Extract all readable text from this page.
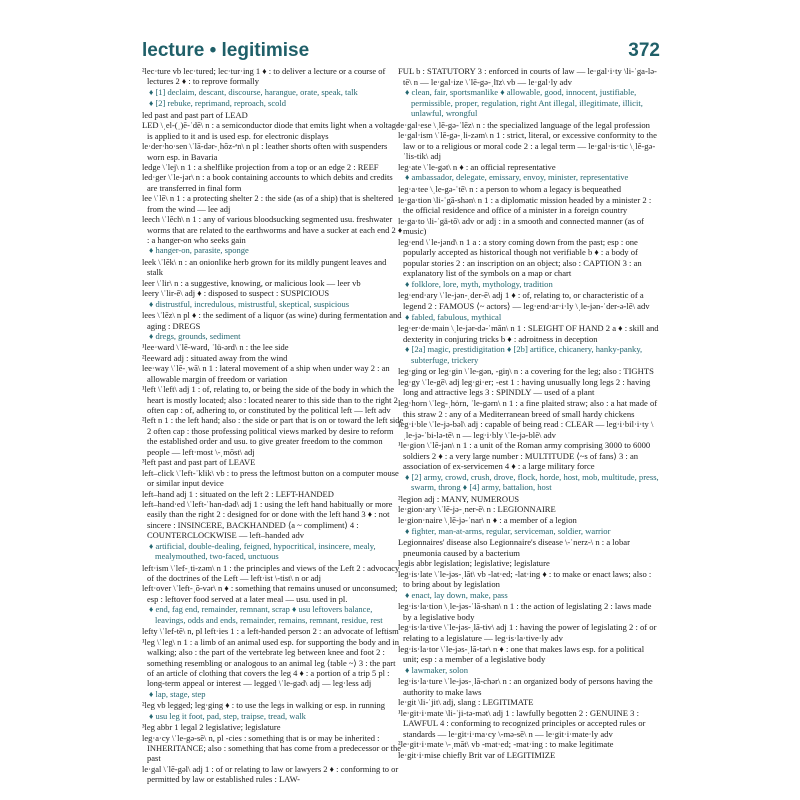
lecture • legitimise	372

²lec·ture vb lec·tured; lec·tur·ing 1 ♦ : to deliver a lecture or a course of lectures 2 ♦ : to reprove formally

♦ [1] declaim, descant, discourse, harangue, orate, speak, talk

♦ [2] rebuke, reprimand, reproach, scold

led past and past part of LEAD

LED \ˌel-(ˌ)ē-ˈdē\ n : a semiconductor diode that emits light when a voltage is applied to it and is used esp. for electronic displays

le·der·ho·sen \ˈlā-dər-ˌhōz-ᵊn\ n pl : leather shorts often with suspenders worn esp. in Bavaria

ledge \ˈlej\ n 1 : a shelflike projection from a top or an edge 2 : REEF

led·ger \ˈle-jər\ n : a book containing accounts to which debits and credits are transferred in final form

lee \ˈlē\ n 1 : a protecting shelter 2 : the side (as of a ship) that is sheltered from the wind — lee adj

leech \ˈlēch\ n 1 : any of various bloodsucking segmented usu. freshwater worms that are related to the earthworms and have a sucker at each end 2 ♦ : a hanger-on who seeks gain

♦ hanger-on, parasite, sponge

leek \ˈlēk\ n : an onionlike herb grown for its mildly pungent leaves and stalk

leer \ˈlir\ n : a suggestive, knowing, or malicious look — leer vb

leery \ˈlir-ē\ adj ♦ : disposed to suspect : SUSPICIOUS

♦ distrustful, incredulous, mistrustful, skeptical, suspicious

lees \ˈlēz\ n pl ♦ : the sediment of a liquor (as wine) during fermentation and aging : DREGS

♦ dregs, grounds, sediment

¹lee·ward \ˈlē-wərd, ˈlü-ərd\ n : the lee side

²leeward adj : situated away from the wind

lee·way \ˈlē-ˌwā\ n 1 : lateral movement of a ship when under way 2 : an allowable margin of freedom or variation

¹left \ˈleft\ adj 1 : of, relating to, or being the side of the body in which the heart is mostly located; also : located nearer to this side than to the right 2 often cap : of, adhering to, or constituted by the political left — left adv

²left n 1 : the left hand; also : the side or part that is on or toward the left side 2 often cap : those professing political views marked by desire to reform the established order and usu. to give greater freedom to the common people — left·most \-ˌmōst\ adj

³left past and past part of LEAVE

left–click \ˈleft-ˈklik\ vb : to press the leftmost button on a computer mouse or similar input device

left–hand adj 1 : situated on the left 2 : LEFT-HANDED

left–hand·ed \ˈleft-ˈhan-dəd\ adj 1 : using the left hand habitually or more easily than the right 2 : designed for or done with the left hand 3 ♦ : not sincere : INSINCERE, BACKHANDED ⟨a ~ compliment⟩ 4 : COUNTERCLOCKWISE — left–handed adv

♦ artificial, double-dealing, feigned, hypocritical, insincere, mealy, mealymouthed, two-faced, unctuous

left·ism \ˈlef-ˌti-zəm\ n 1 : the principles and views of the Left 2 : advocacy of the doctrines of the Left — left·ist \-tist\ n or adj

left·over \ˈleft-ˌō-vər\ n ♦ : something that remains unused or unconsumed; esp : leftover food served at a later meal — usu. used in pl.

♦ end, fag end, remainder, remnant, scrap ♦ usu leftovers balance, leavings, odds and ends, remainder, remains, remnant, residue, rest

lefty \ˈlef-tē\ n, pl left·ies 1 : a left-handed person 2 : an advocate of leftism

¹leg \ˈleg\ n 1 : a limb of an animal used esp. for supporting the body and in walking; also : the part of the vertebrate leg between knee and foot 2 : something resembling or analogous to an animal leg ⟨table ~⟩ 3 : the part of an article of clothing that covers the leg 4 ♦ : a portion of a trip 5 pl : long-term appeal or interest — legged \ˈle-gəd\ adj — leg·less adj

♦ lap, stage, step

²leg vb legged; leg·ging ♦ : to use the legs in walking or esp. in running

♦ usu leg it foot, pad, step, traipse, tread, walk

³leg abbr 1 legal 2 legislative; legislature

leg·a·cy \ˈle-gə-sē\ n, pl -cies : something that is or may be inherited : INHERITANCE; also : something that has come from a predecessor or the past

le·gal \ˈlē-gəl\ adj 1 : of or relating to law or lawyers 2 ♦ : conforming to or permitted by law or established rules : LAW-

FUL b : STATUTORY 3 : enforced in courts of law — le·gal·i·ty \li-ˈga-lə-tē\ n — le·gal·ize \ˈlē-gə-ˌlīz\ vb — le·gal·ly adv

♦ clean, fair, sportsmanlike ♦ allowable, good, innocent, justifiable, permissible, proper, regulation, right Ant illegal, illegitimate, illicit, unlawful, wrongful

le·gal·ese \ˌlē-gə-ˈlēz\ n : the specialized language of the legal profession

le·gal·ism \ˈlē-gə-ˌli-zəm\ n 1 : strict, literal, or excessive conformity to the law or to a religious or moral code 2 : a legal term — le·gal·is·tic \ˌlē-gə-ˈlis-tik\ adj

leg·ate \ˈle-gət\ n ♦ : an official representative

♦ ambassador, delegate, emissary, envoy, minister, representative

leg·a·tee \ˌle-gə-ˈtē\ n : a person to whom a legacy is bequeathed

le·ga·tion \li-ˈgā-shən\ n 1 : a diplomatic mission headed by a minister 2 : the official residence and office of a minister in a foreign country

le·ga·to \li-ˈgä-tō\ adv or adj : in a smooth and connected manner (as of music)

leg·end \ˈle-jənd\ n 1 a : a story coming down from the past; esp : one popularly accepted as historical though not verifiable b ♦ : a body of popular stories 2 : an inscription on an object; also : CAPTION 3 : an explanatory list of the symbols on a map or chart

♦ folklore, lore, myth, mythology, tradition

leg·end·ary \ˈle-jən-ˌder-ē\ adj 1 ♦ : of, relating to, or characteristic of a legend 2 : FAMOUS ⟨~ actors⟩ — leg·end·ar·i·ly \ˌle-jən-ˈder-ə-lē\ adv

♦ fabled, fabulous, mythical

leg·er·de·main \ˌle-jər-də-ˈmān\ n 1 : SLEIGHT OF HAND 2 a ♦ : skill and dexterity in conjuring tricks b ♦ : adroitness in deception

♦ [2a] magic, prestidigitation ♦ [2b] artifice, chicanery, hanky-panky, subterfuge, trickery

leg·ging or leg·gin \ˈle-gən, -giŋ\ n : a covering for the leg; also : TIGHTS

leg·gy \ˈle-gē\ adj leg·gi·er; -est 1 : having unusually long legs 2 : having long and attractive legs 3 : SPINDLY — used of a plant

leg·horn \ˈleg-ˌhȯrn, ˈle-gərn\ n 1 : a fine plaited straw; also : a hat made of this straw 2 : any of a Mediterranean breed of small hardy chickens

leg·i·ble \ˈle-jə-bəl\ adj : capable of being read : CLEAR — leg·i·bil·i·ty \ˌle-jə-ˈbi-lə-tē\ n — leg·i·bly \ˈle-jə-blē\ adv

¹le·gion \ˈlē-jən\ n 1 : a unit of the Roman army comprising 3000 to 6000 soldiers 2 ♦ : a very large number : MULTITUDE ⟨~s of fans⟩ 3 : an association of ex-servicemen 4 ♦ : a large military force

♦ [2] army, crowd, crush, drove, flock, horde, host, mob, multitude, press, swarm, throng ♦ [4] army, battalion, host

²legion adj : MANY, NUMEROUS

le·gion·ary \ˈlē-jə-ˌner-ē\ n : LEGIONNAIRE

le·gion·naire \ˌlē-jə-ˈnar\ n ♦ : a member of a legion

♦ fighter, man-at-arms, regular, serviceman, soldier, warrior

Legionnaires' disease also Legionnaire's disease \-ˈnerz-\ n : a lobar pneumonia caused by a bacterium

legis abbr legislation; legislative; legislature

leg·is·late \ˈle-jəs-ˌlāt\ vb -lat·ed; -lat·ing ♦ : to make or enact laws; also : to bring about by legislation

♦ enact, lay down, make, pass

leg·is·la·tion \ˌle-jəs-ˈlā-shən\ n 1 : the action of legislating 2 : laws made by a legislative body

leg·is·la·tive \ˈle-jəs-ˌlā-tiv\ adj 1 : having the power of legislating 2 : of or relating to a legislature — leg·is·la·tive·ly adv

leg·is·la·tor \ˈle-jəs-ˌlā-tər\ n ♦ : one that makes laws esp. for a political unit; esp : a member of a legislative body

♦ lawmaker, solon

leg·is·la·ture \ˈle-jəs-ˌlā-chər\ n : an organized body of persons having the authority to make laws

le·git \li-ˈjit\ adj, slang : LEGITIMATE

¹le·git·i·mate \li-ˈji-tə-mət\ adj 1 : lawfully begotten 2 : GENUINE 3 : LAWFUL 4 : conforming to recognized principles or accepted rules or standards — le·git·i·ma·cy \-mə-sē\ n — le·git·i·mate·ly adv

²le·git·i·mate \-ˌmāt\ vb -mat·ed; -mat·ing : to make legitimate

le·git·i·mise chiefly Brit var of LEGITIMIZE
